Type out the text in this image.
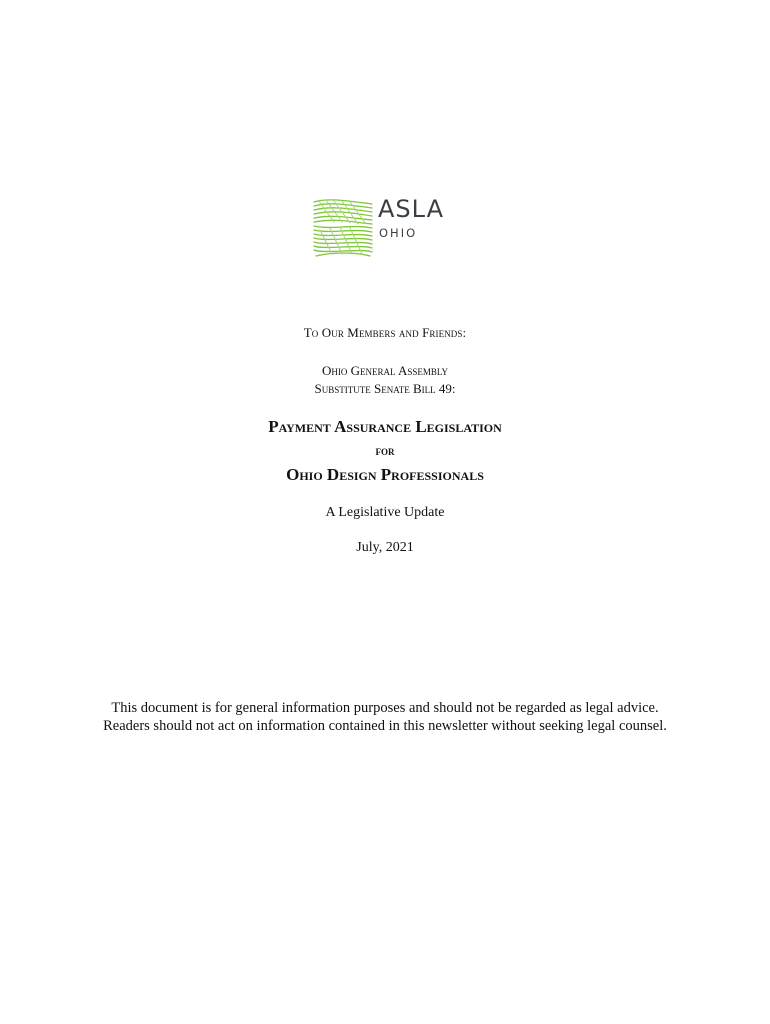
ASLA
OHIO
To Our Members and Friends:
Ohio General Assembly
Substitute Senate Bill 49:
Payment Assurance Legislation
for
Ohio Design Professionals
A Legislative Update
July, 2021
This document is for general information purposes and should not be regarded as legal advice.
Readers should not act on information contained in this newsletter without seeking legal counsel.
